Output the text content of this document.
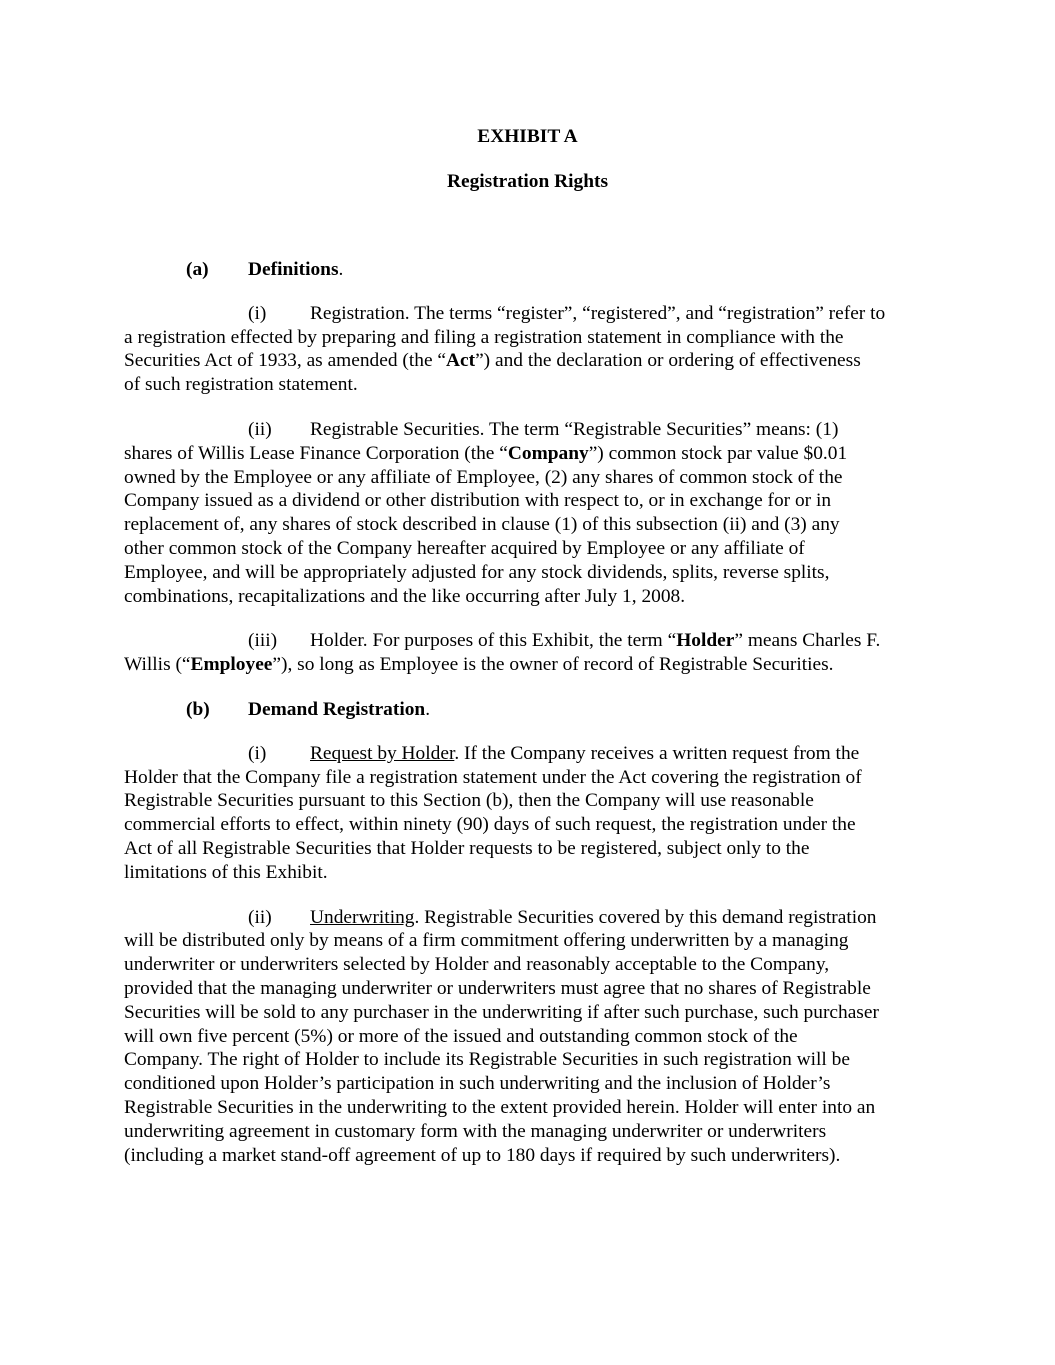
EXHIBIT A
Registration Rights
(a) Definitions.

(i) Registration. The terms “register”, “registered”, and “registration” refer to
a registration effected by preparing and filing a registration statement in compliance with the
Securities Act of 1933, as amended (the “Act”) and the declaration or ordering of effectiveness
of such registration statement.

(ii) Registrable Securities. The term “Registrable Securities” means: (1)
shares of Willis Lease Finance Corporation (the “Company”) common stock par value $0.01
owned by the Employee or any affiliate of Employee, (2) any shares of common stock of the
Company issued as a dividend or other distribution with respect to, or in exchange for or in
replacement of, any shares of stock described in clause (1) of this subsection (ii) and (3) any
other common stock of the Company hereafter acquired by Employee or any affiliate of
Employee, and will be appropriately adjusted for any stock dividends, splits, reverse splits,
combinations, recapitalizations and the like occurring after July 1, 2008.

(iii) Holder. For purposes of this Exhibit, the term “Holder” means Charles F.
Willis (“Employee”), so long as Employee is the owner of record of Registrable Securities.

(b) Demand Registration.

(i) Request by Holder. If the Company receives a written request from the
Holder that the Company file a registration statement under the Act covering the registration of
Registrable Securities pursuant to this Section (b), then the Company will use reasonable
commercial efforts to effect, within ninety (90) days of such request, the registration under the
Act of all Registrable Securities that Holder requests to be registered, subject only to the
limitations of this Exhibit.

(ii) Underwriting. Registrable Securities covered by this demand registration
will be distributed only by means of a firm commitment offering underwritten by a managing
underwriter or underwriters selected by Holder and reasonably acceptable to the Company,
provided that the managing underwriter or underwriters must agree that no shares of Registrable
Securities will be sold to any purchaser in the underwriting if after such purchase, such purchaser
will own five percent (5%) or more of the issued and outstanding common stock of the
Company. The right of Holder to include its Registrable Securities in such registration will be
conditioned upon Holder’s participation in such underwriting and the inclusion of Holder’s
Registrable Securities in the underwriting to the extent provided herein. Holder will enter into an
underwriting agreement in customary form with the managing underwriter or underwriters
(including a market stand-off agreement of up to 180 days if required by such underwriters).
